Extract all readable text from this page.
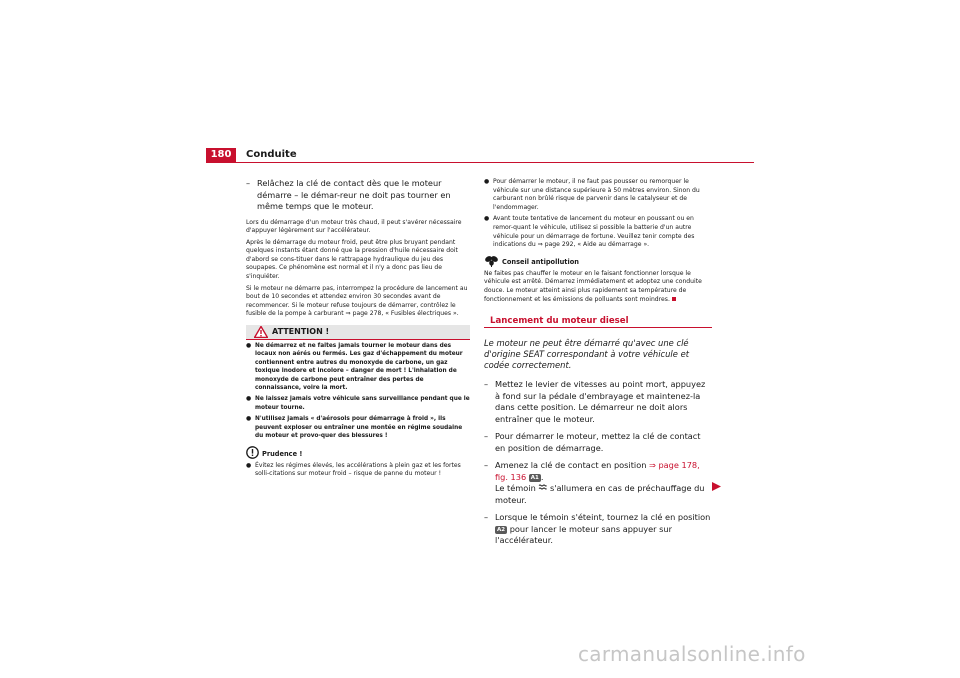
180	Conduite
– Relâchez la clé de contact dès que le moteur démarre – le démar-reur ne doit pas tourner en même temps que le moteur.

Lors du démarrage d'un moteur très chaud, il peut s'avérer nécessaire d'appuyer légèrement sur l'accélérateur.

Après le démarrage du moteur froid, peut être plus bruyant pendant quelques instants étant donné que la pression d'huile nécessaire doit d'abord se cons-tituer dans le rattrapage hydraulique du jeu des soupapes. Ce phénomène est normal et il n'y a donc pas lieu de s'inquiéter.

Si le moteur ne démarre pas, interrompez la procédure de lancement au bout de 10 secondes et attendez environ 30 secondes avant de recommencer. Si le moteur refuse toujours de démarrer, contrôlez le fusible de la pompe à carburant ⇒ page 278, « Fusibles électriques ».

ATTENTION !

● Ne démarrez et ne faites jamais tourner le moteur dans des locaux non aérés ou fermés. Les gaz d'échappement du moteur contiennent entre autres du monoxyde de carbone, un gaz toxique inodore et incolore – danger de mort ! L'inhalation de monoxyde de carbone peut entraîner des pertes de connaissance, voire la mort.

● Ne laissez jamais votre véhicule sans surveillance pendant que le moteur tourne.

● N'utilisez jamais « d'aérosols pour démarrage à froid », ils peuvent exploser ou entraîner une montée en régime soudaine du moteur et provo-quer des blessures !

Prudence !

● Évitez les régimes élevés, les accélérations à plein gaz et les fortes solli-citations sur moteur froid – risque de panne du moteur !

● Pour démarrer le moteur, il ne faut pas pousser ou remorquer le véhicule sur une distance supérieure à 50 mètres environ. Sinon du carburant non brûlé risque de parvenir dans le catalyseur et de l'endommager.

● Avant toute tentative de lancement du moteur en poussant ou en remor-quant le véhicule, utilisez si possible la batterie d'un autre véhicule pour un démarrage de fortune. Veuillez tenir compte des indications du ⇒ page 292, « Aide au démarrage ».

Conseil antipollution

Ne faites pas chauffer le moteur en le faisant fonctionner lorsque le véhicule est arrêté. Démarrez immédiatement et adoptez une conduite douce. Le moteur atteint ainsi plus rapidement sa température de fonctionnement et les émissions de polluants sont moindres.

Lancement du moteur diesel
Le moteur ne peut être démarré qu'avec une clé d'origine SEAT correspondant à votre véhicule et codée correctement.
– Mettez le levier de vitesses au point mort, appuyez à fond sur la pédale d'embrayage et maintenez-la dans cette position. Le démarreur ne doit alors entraîner que le moteur.
– Pour démarrer le moteur, mettez la clé de contact en position de démarrage.
– Amenez la clé de contact en position ⇒ page 178, fig. 136 A1 .
Le témoin  s'allumera en cas de préchauffage du moteur.
– Lorsque le témoin s'éteint, tournez la clé en position A2 pour lancer le moteur sans appuyer sur l'accélérateur.
carmanualsonline.info
